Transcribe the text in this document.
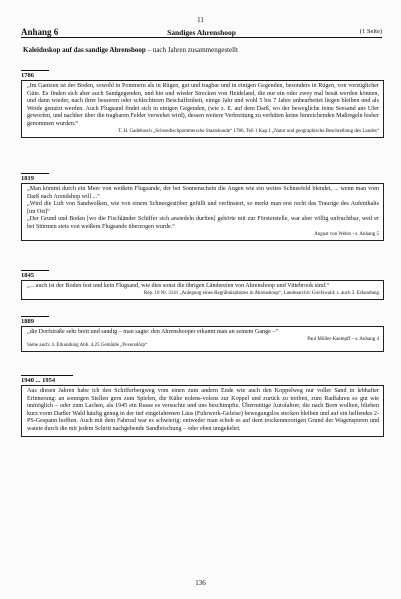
11
Anhang 6	Sandiges Ahrenshoop	(1 Seite)
Kaleidoskop auf das sandige Ahrenshoop – nach Jahren zusammengestellt
1786

„Im Gantzen ist der Boden, sowohl in Pommern als in Rügen, gut und tragbar und in einigen Gegenden, besonders in Rügen, von vorzüglicher Güte. Es finden sich aber auch Sandgegenden, und hin und wieder Strecken von Heideland, die nur ein oder zwey mal besät werden können, und dann wieder, nach ihrer besseren oder schlechteren Beschaffenheit, einige Jahr und wohl 5 bis 7 Jahre unbearbeitet liegen bleiben und als Weide genutzt werden. Auch Flugsand findet sich in einigen Gegenden, (wie z. E. auf dem Darß, wo der bewegliche feine Seesand ans Ufer geworfen, und nachher über die tragbaren Felder verwehet wird), dessen weitere Verbreitung zu verhüten keine hinreichenden Maßregeln bisher genommen wurden.“

T. H. Gadebusch „Schwedischpommersche Staatskunde“ 1786, Teil 1 Kap.1 „Natur und geographische Beschreibung des Landes“
1819

„Man kömmt durch ein Meer von weißem Flugsande, der bei Sonnenschein die Augen wie ein weites Schneefeld blendet, ... wenn man vom Darß nach Arendshop will ...“
„Wird die Luft von Sandwolken, wie von einem Schneegestöber gefüllt und verfinstert, so merkt man erst recht das Traurige des Aufenthalts [im Ort]“
„Der Grund und Boden [wo die Fischländer Schiffer sich ansiedeln durften] gehörte mit zur Försterstelle, war aber völlig unfruchtbar, weil er bei Stürmen stets von weißem Flugsande überzogen wurde.“

August von Wehrs - s. Anhang 5
1845

„... auch ist der Boden fest und kein Flugsand, wie dies sonst die übrigen Ländereien von Ahrenshoop und Vittebrook sind.“

Rep. 10 Nr. 3141 „Anlegung eines Begräbnisplatzes in Ahrenshoop“, Landesarchiv Greifswald; s. auch 3. Erkundung
1889

„die Dorfstraße sehr breit und sandig – man sagte: den Ahrenshooper erkannt man an seinem Gange –“

Paul Müller-Kaempff – s. Anhang 4
Siehe auch: 4. Erkundung Abb. 4.25 Gemälde „Poversdörp“
1940 ... 1954

Aus diesen Jahren habe ich den Schifferbergweg vom einen zum andern Ende wie auch den Koppelweg nur voller Sand in lebhafter Erinnerung: an sonnigen Stellen gern zum Spielen, die Kühe nolens-volens zur Koppel und zurück zu treiben, zum Radfahren so gut wie unmöglich – oder zum Lachen, als 1945 ein Russe es versuchte und uns beschimpfte. Übermütige Autofahrer, die nach Born wollten, blieben kurz vorm Darßer Wald häufig genug in der tief eingefahrenen Läus (Fuhrwerk-Geleise) bewegungslos stecken bleiben und auf ein helfendes 2-PS-Gespann hofften. Auch mit dem Fahrrad war es schwierig: entweder man schob es auf dem trockenmoorigen Grund der Wagenspuren und watete durch die mit jedem Schritt nachgebende Sandböschung – oder eben umgekehrt.

136
